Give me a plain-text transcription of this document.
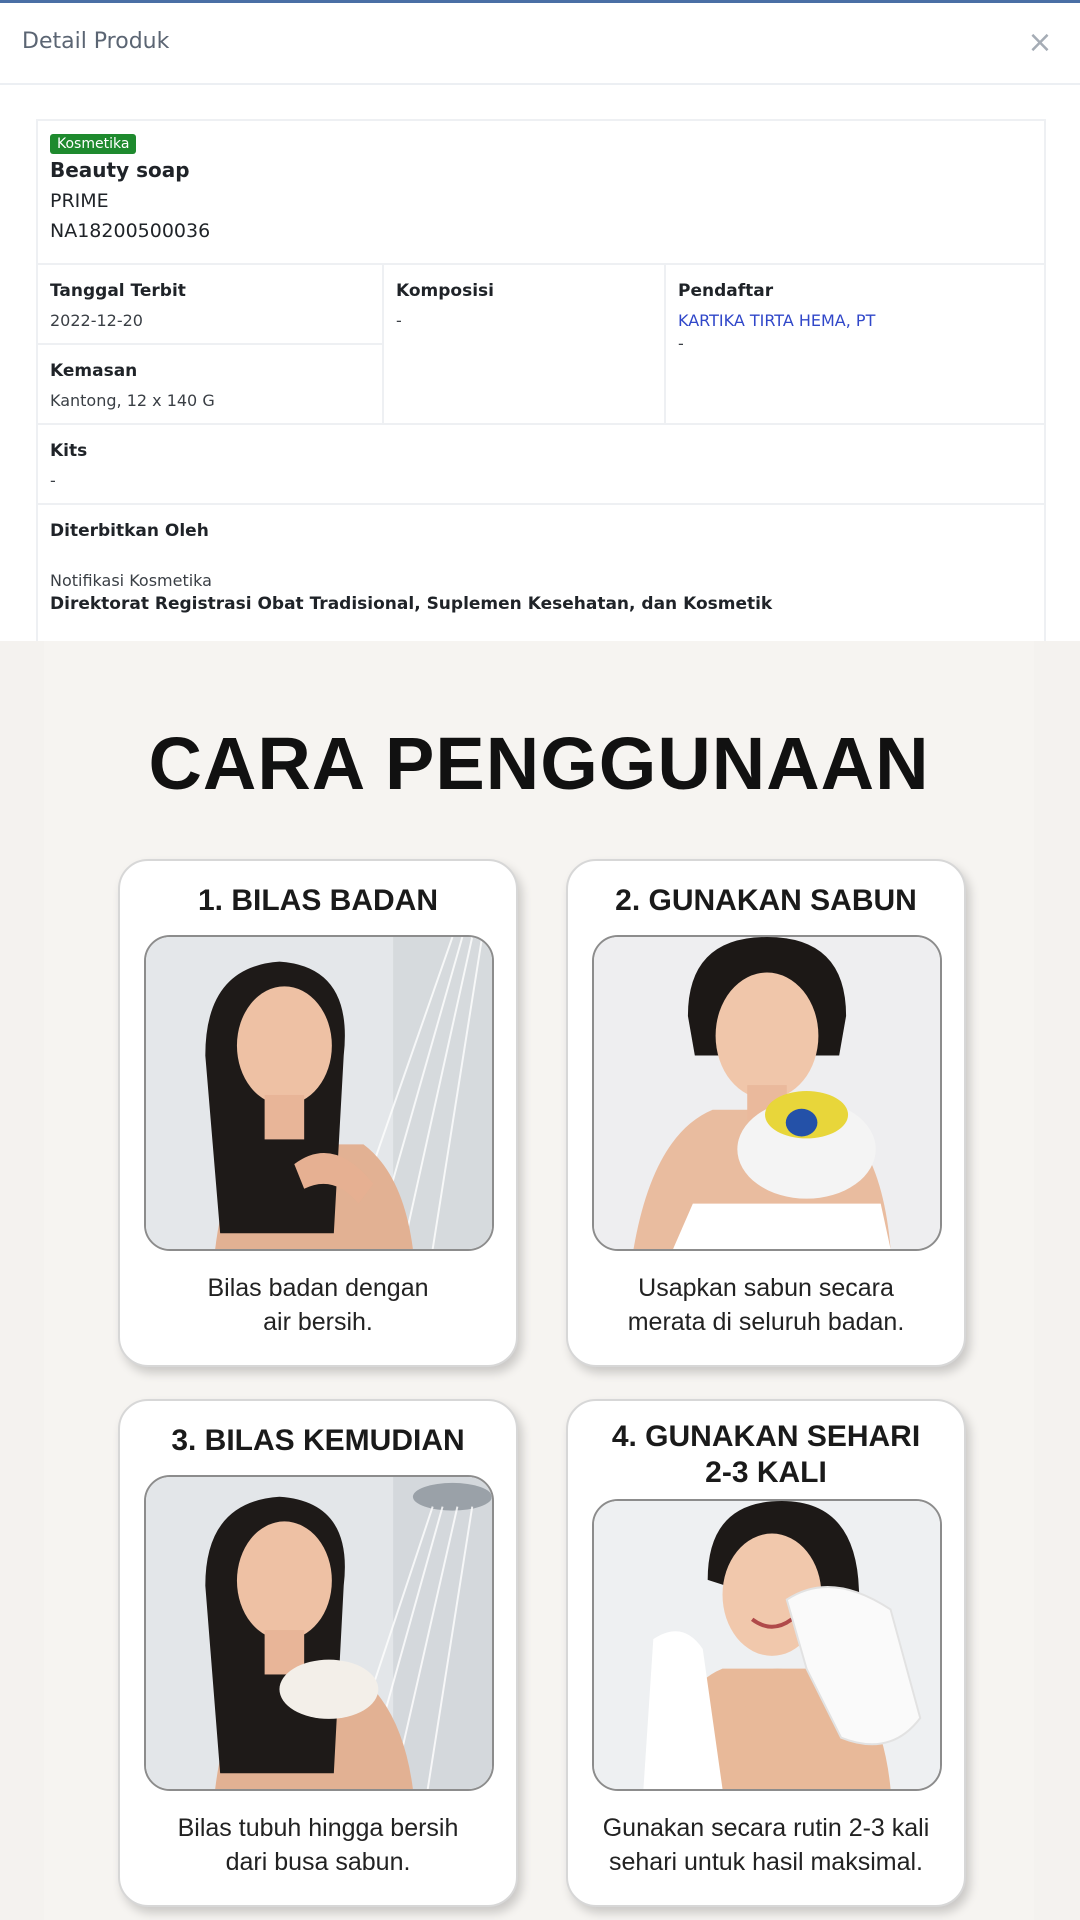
Detail Produk	×
Kosmetika
Beauty soap
PRIME
NA18200500036
Tanggal Terbit
2022-12-20
Kemasan
Kantong, 12 x 140 G
Komposisi
-
Pendaftar
KARTIKA TIRTA HEMA, PT
-
Kits
-
Diterbitkan Oleh
Notifikasi Kosmetika
Direktorat Registrasi Obat Tradisional, Suplemen Kesehatan, dan Kosmetik
CARA PENGGUNAAN
1. BILAS BADAN
Bilas badan dengan
air bersih.
2. GUNAKAN SABUN
Usapkan sabun secara
merata di seluruh badan.
3. BILAS KEMUDIAN
Bilas tubuh hingga bersih
dari busa sabun.
4. GUNAKAN SEHARI
2-3 KALI
Gunakan secara rutin 2-3 kali
sehari untuk hasil maksimal.
